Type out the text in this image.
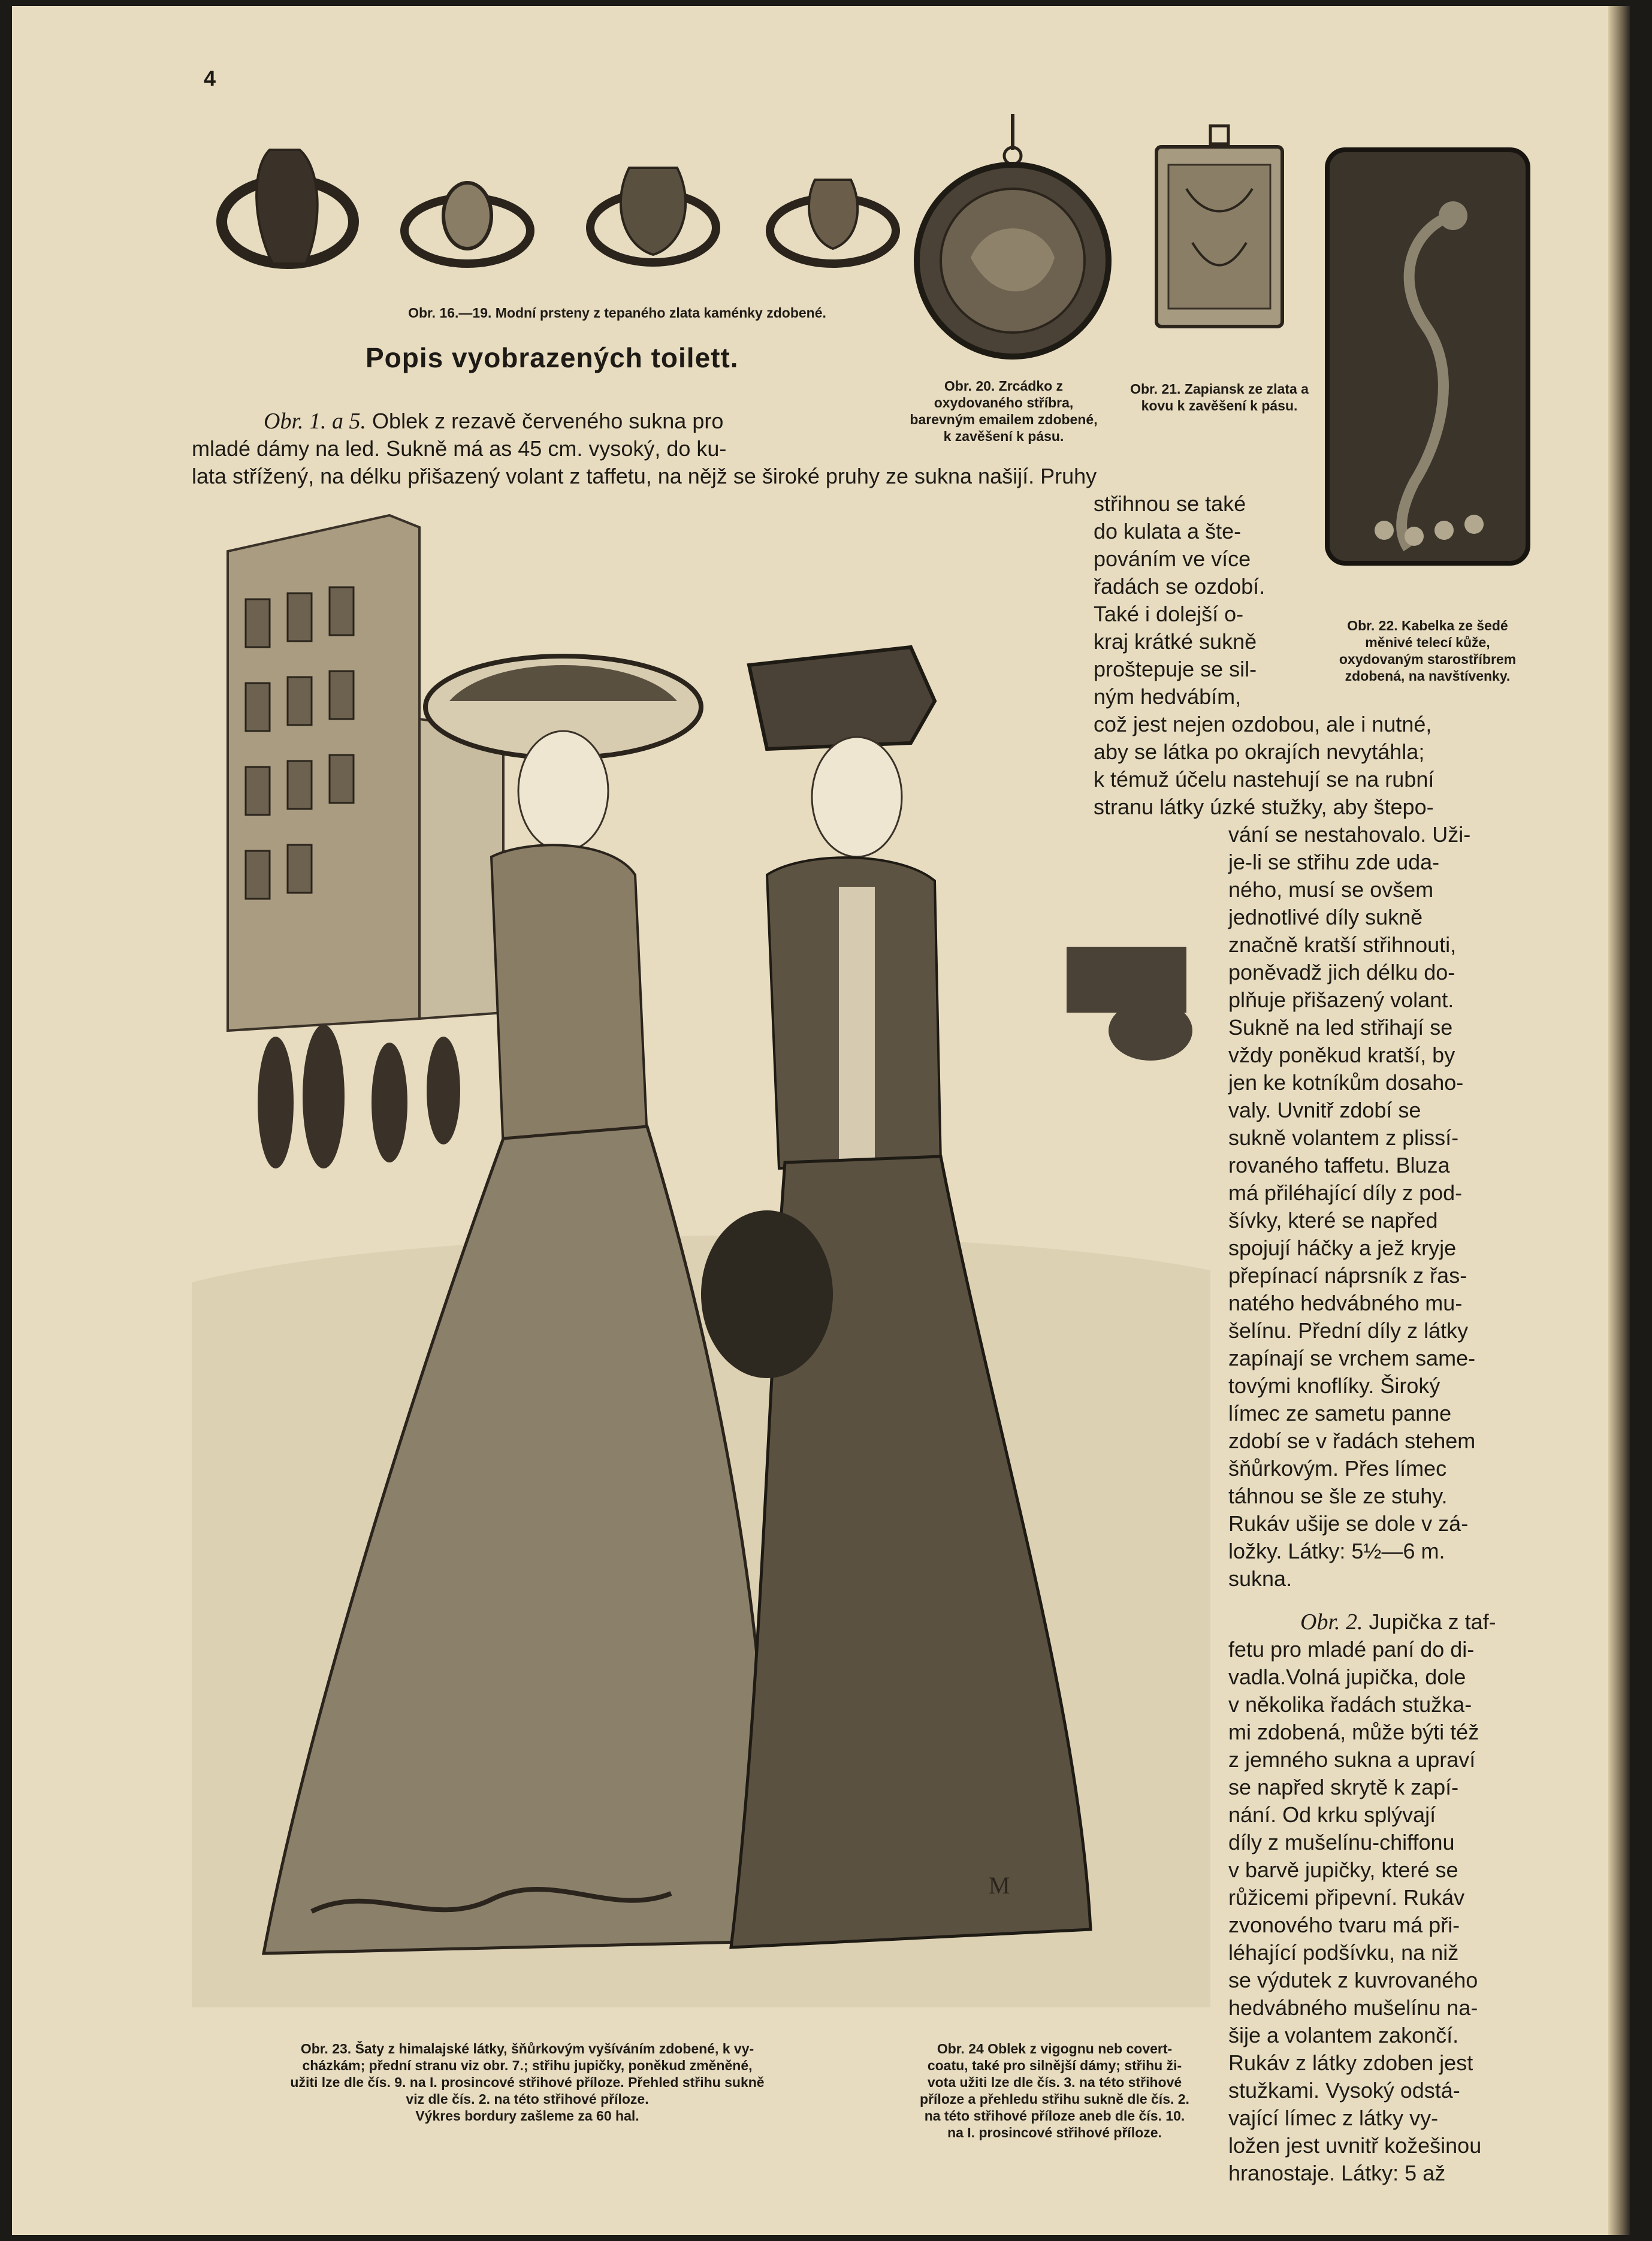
4
Obr. 16.—19. Modní prsteny z tepaného zlata kaménky zdobené.
Obr. 20. Zrcádko z oxydovaného stříbra, barevným emailem zdobené, k zavěšení k pásu.
Obr. 21. Zapiansk ze zlata a kovu k zavěšení k pásu.
Obr. 22. Kabelka ze šedé měnivé telecí kůže, oxydovaným starostříbrem zdobená, na navštívenky.
Popis vyobrazených toilett.

Obr. 1. a 5. Oblek z rezavě červeného sukna pro

mladé dámy na led. Sukně má as 45 cm. vysoký, do ku-

lata střížený, na délku přišazený volant z taffetu, na nějž se široké pruhy ze sukna našijí. Pruhy
M

střihnou se také

do kulata a šte-

pováním ve více

řadách se ozdobí.

Také i dolejší o-

kraj krátké sukně

proštepuje se sil-

ným hedvábím,

což jest nejen ozdobou, ale i nutné,

aby se látka po okrajích nevytáhla;

k témuž účelu nastehují se na rubní

stranu látky úzké stužky, aby štepo-

vání se nestahovalo. Uži-

je-li se střihu zde uda-

ného, musí se ovšem

jednotlivé díly sukně

značně kratší střihnouti,

poněvadž jich délku do-

plňuje přišazený volant.

Sukně na led střihají se

vždy poněkud kratší, by

jen ke kotníkům dosaho-

valy. Uvnitř zdobí se

sukně volantem z plissí-

rovaného taffetu. Bluza

má přiléhající díly z pod-

šívky, které se napřed

spojují háčky a jež kryje

přepínací náprsník z řas-

natého hedvábného mu-

šelínu. Přední díly z látky

zapínají se vrchem same-

tovými knoflíky. Široký

límec ze sametu panne

zdobí se v řadách stehem

šňůrkovým. Přes límec

táhnou se šle ze stuhy.

Rukáv ušije se dole v zá-

ložky. Látky: 5½—6 m.

sukna.

Obr. 2. Jupička z taf-

fetu pro mladé paní do di-

vadla.Volná jupička, dole

v několika řadách stužka-

mi zdobená, může býti též

z jemného sukna a upraví

se napřed skrytě k zapí-

nání. Od krku splývají

díly z mušelínu-chiffonu

v barvě jupičky, které se

růžicemi připevní. Rukáv

zvonového tvaru má při-

léhající podšívku, na niž

se výdutek z kuvrovaného

hedvábného mušelínu na-

šije a volantem zakončí.

Rukáv z látky zdoben jest

stužkami. Vysoký odstá-

vající límec z látky vy-

ložen jest uvnitř kožešinou

hranostaje. Látky: 5 až

Obr. 23. Šaty z himalajské látky, šňůrkovým vyšíváním zdobené, k vy-
cházkám; přední stranu viz obr. 7.; střihu jupičky, poněkud změněné,
užiti lze dle čís. 9. na I. prosincové střihové příloze. Přehled střihu sukně
viz dle čís. 2. na této střihové příloze.
Výkres bordury zašleme za 60 hal.
Obr. 24 Oblek z vigognu neb covert-
coatu, také pro silnější dámy; střihu ži-
vota užiti lze dle čís. 3. na této střihové
příloze a přehledu střihu sukně dle čís. 2.
na této střihové příloze aneb dle čís. 10.
na I. prosincové střihové příloze.
